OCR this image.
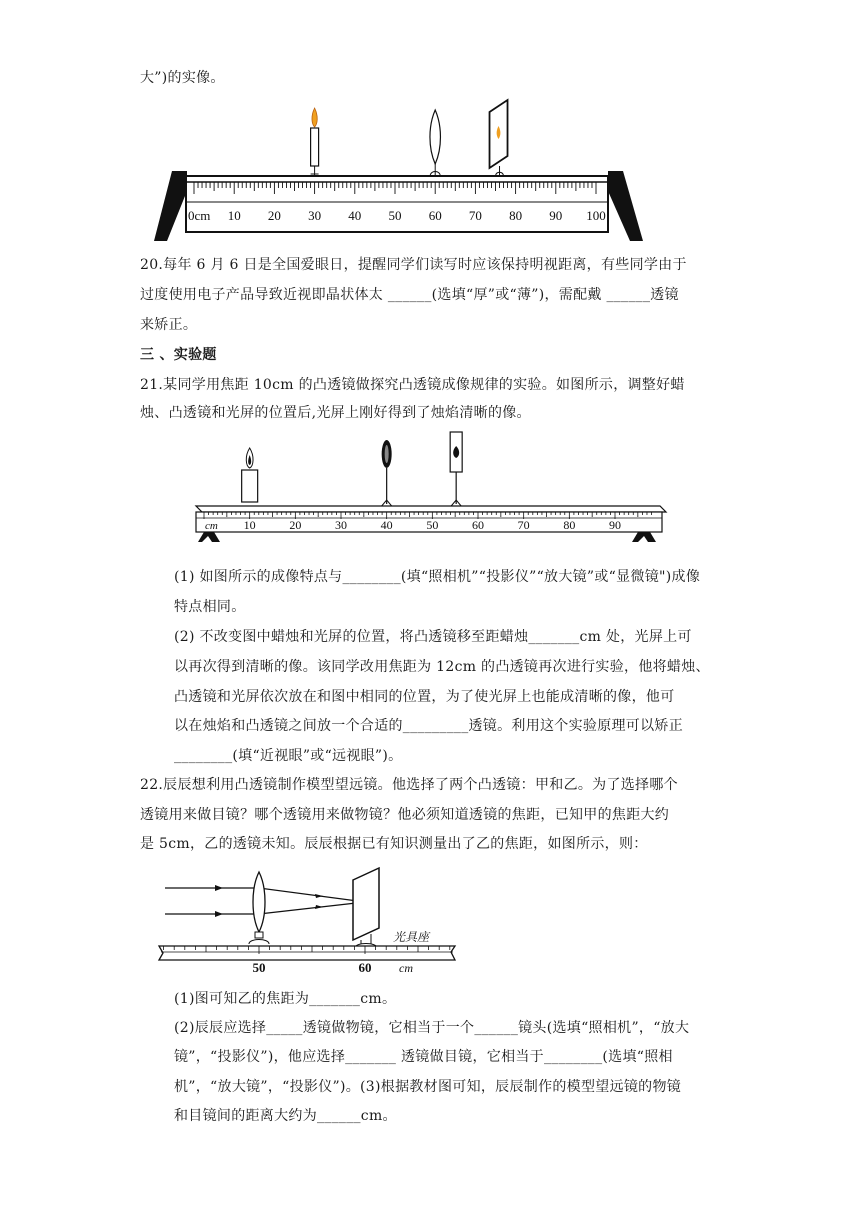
大”)的实像。
0cm 10 20 30 40 50 60 70 80 90 100
20.每年 6 月 6 日是全国爱眼日，提醒同学们读写时应该保持明视距离，有些同学由于
过度使用电子产品导致近视即晶状体太 ______(选填“厚”或“薄”)，需配戴 ______透镜
来矫正。
三 、实验题
21.某同学用焦距 10cm 的凸透镜做探究凸透镜成像规律的实验。如图所示，调整好蜡
烛、凸透镜和光屏的位置后,光屏上刚好得到了烛焰清晰的像。
cm 10	20	30	40	50	60	70	80	90
(1) 如图所示的成像特点与________(填“照相机”“投影仪”“放大镜”或“显微镜")成像
特点相同。
(2) 不改变图中蜡烛和光屏的位置，将凸透镜移至距蜡烛_______cm 处，光屏上可
以再次得到清晰的像。该同学改用焦距为 12cm 的凸透镜再次进行实验，他将蜡烛、
凸透镜和光屏依次放在和图中相同的位置，为了使光屏上也能成清晰的像，他可
以在烛焰和凸透镜之间放一个合适的_________透镜。利用这个实验原理可以矫正
________(填“近视眼”或“远视眼”)。
22.辰辰想利用凸透镜制作模型望远镜。他选择了两个凸透镜：甲和乙。为了选择哪个
透镜用来做目镜？哪个透镜用来做物镜？他必须知道透镜的焦距，已知甲的焦距大约
是 5cm，乙的透镜未知。辰辰根据已有知识测量出了乙的焦距，如图所示，则：
光具座
50	60 cm
(1)图可知乙的焦距为_______cm。
(2)辰辰应选择_____透镜做物镜，它相当于一个______镜头(选填“照相机”，“放大
镜”，“投影仪”)，他应选择_______ 透镜做目镜，它相当于________(选填“照相
机”，“放大镜”，“投影仪”)。(3)根据教材图可知，辰辰制作的模型望远镜的物镜
和目镜间的距离大约为______cm。
